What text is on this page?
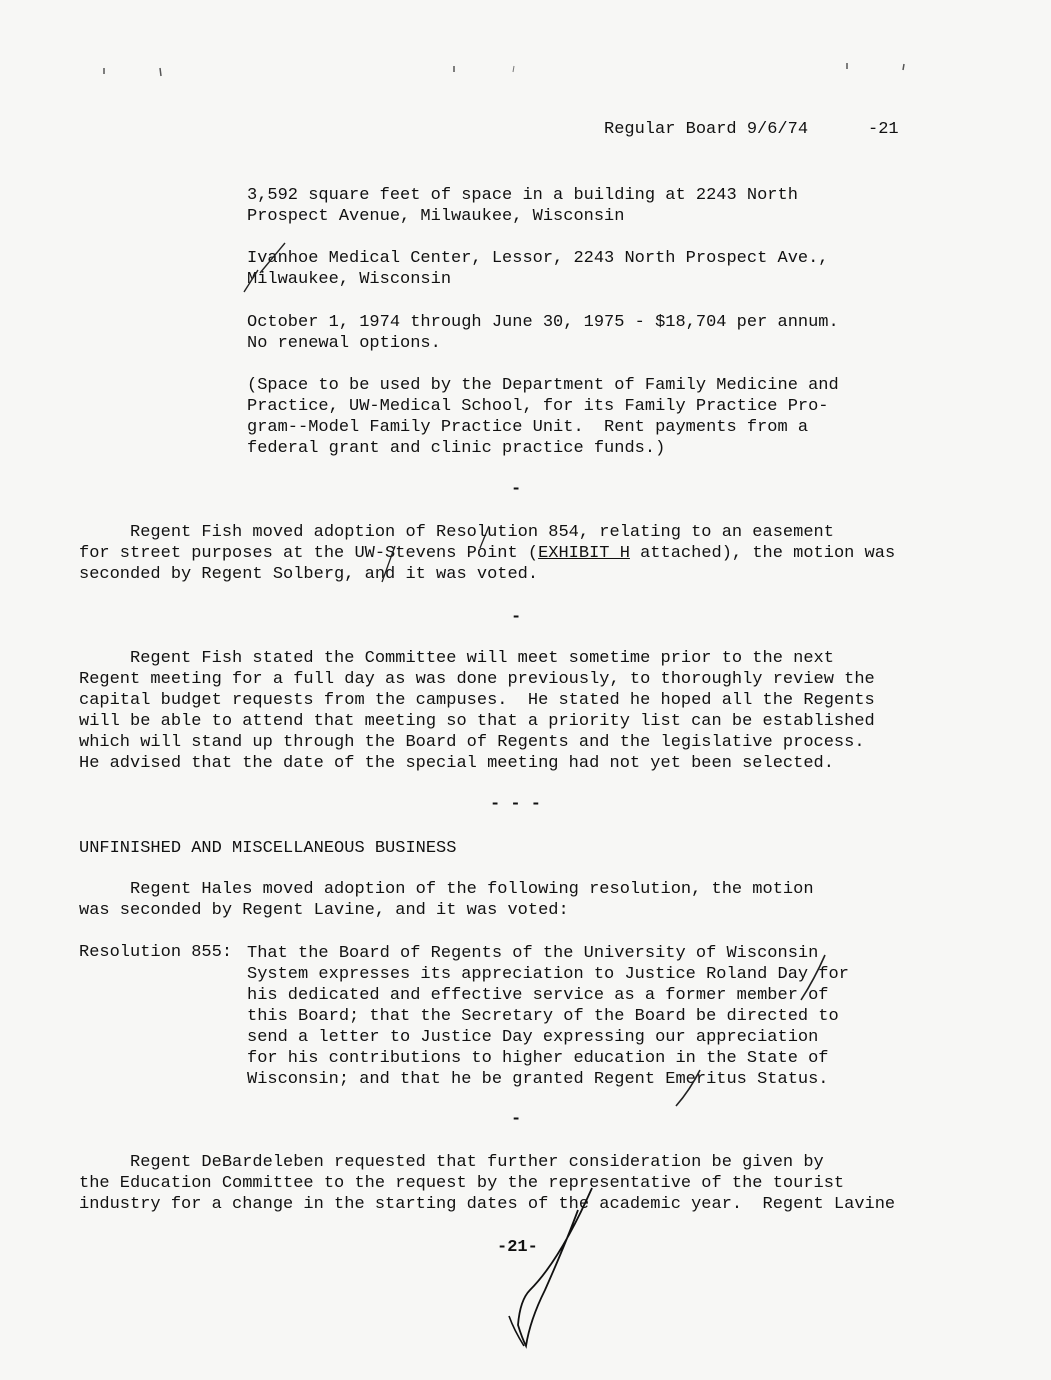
Regular Board 9/6/74	-21
3,592 square feet of space in a building at 2243 North
Prospect Avenue, Milwaukee, Wisconsin
Ivanhoe Medical Center, Lessor, 2243 North Prospect Ave.,
Milwaukee, Wisconsin
October 1, 1974 through June 30, 1975 - $18,704 per annum.
No renewal options.
(Space to be used by the Department of Family Medicine and
Practice, UW-Medical School, for its Family Practice Pro-
gram--Model Family Practice Unit.  Rent payments from a
federal grant and clinic practice funds.)
-
Regent Fish moved adoption of Resolution 854, relating to an easement
for street purposes at the UW-Stevens Point (EXHIBIT H attached), the motion was
seconded by Regent Solberg, and it was voted.
-
Regent Fish stated the Committee will meet sometime prior to the next
Regent meeting for a full day as was done previously, to thoroughly review the
capital budget requests from the campuses.  He stated he hoped all the Regents
will be able to attend that meeting so that a priority list can be established
which will stand up through the Board of Regents and the legislative process.
He advised that the date of the special meeting had not yet been selected.
- - -
UNFINISHED AND MISCELLANEOUS BUSINESS
Regent Hales moved adoption of the following resolution, the motion
was seconded by Regent Lavine, and it was voted:
Resolution 855: That the Board of Regents of the University of Wisconsin
System expresses its appreciation to Justice Roland Day for
his dedicated and effective service as a former member of
this Board; that the Secretary of the Board be directed to
send a letter to Justice Day expressing our appreciation
for his contributions to higher education in the State of
Wisconsin; and that he be granted Regent Emeritus Status.
-
Regent DeBardeleben requested that further consideration be given by
the Education Committee to the request by the representative of the tourist
industry for a change in the starting dates of the academic year.  Regent Lavine
-21-
